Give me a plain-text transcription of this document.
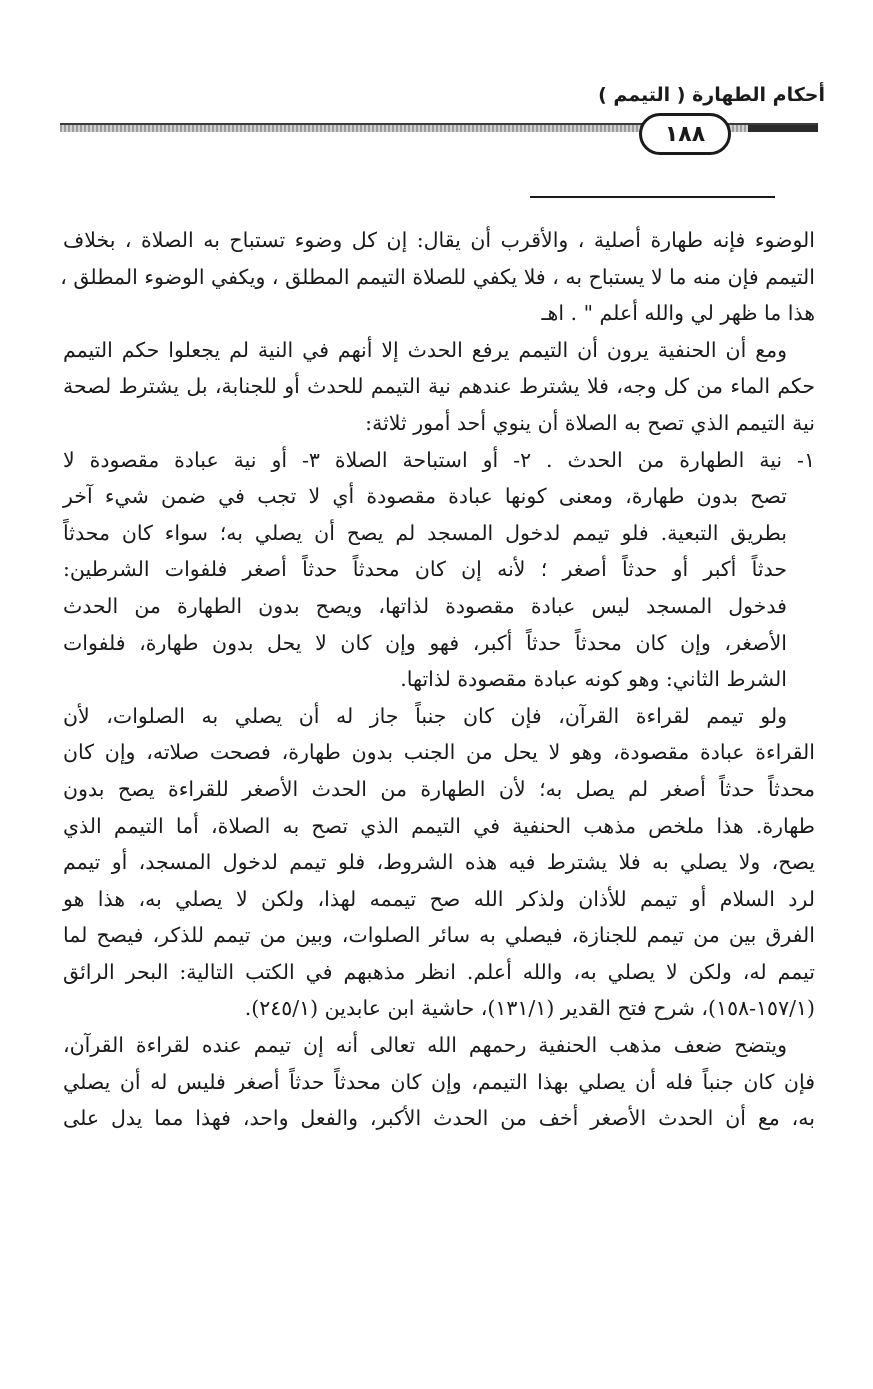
أحكام الطهارة ( التيمم )
١٨٨
الوضوء فإنه طهارة أصلية ، والأقرب أن يقال: إن كل وضوء تستباح به الصلاة ، بخلاف
التيمم فإن منه ما لا يستباح به ، فلا يكفي للصلاة التيمم المطلق ، ويكفي الوضوء المطلق ،
هذا ما ظهر لي والله أعلم " . اهـ
ومع أن الحنفية يرون أن التيمم يرفع الحدث إلا أنهم في النية لم يجعلوا حكم التيمم
حكم الماء من كل وجه، فلا يشترط عندهم نية التيمم للحدث أو للجنابة، بل يشترط لصحة
نية التيمم الذي تصح به الصلاة أن ينوي أحد أمور ثلاثة:
١- نية الطهارة من الحدث . ٢- أو استباحة الصلاة ٣- أو نية عبادة مقصودة لا
تصح بدون طهارة، ومعنى كونها عبادة مقصودة أي لا تجب في ضمن شيء آخر
بطريق التبعية. فلو تيمم لدخول المسجد لم يصح أن يصلي به؛ سواء كان محدثاً
حدثاً أكبر أو حدثاً أصغر ؛ لأنه إن كان محدثاً حدثاً أصغر فلفوات الشرطين:
فدخول المسجد ليس عبادة مقصودة لذاتها، ويصح بدون الطهارة من الحدث
الأصغر، وإن كان محدثاً حدثاً أكبر، فهو وإن كان لا يحل بدون طهارة، فلفوات
الشرط الثاني: وهو كونه عبادة مقصودة لذاتها.
ولو تيمم لقراءة القرآن، فإن كان جنباً جاز له أن يصلي به الصلوات، لأن
القراءة عبادة مقصودة، وهو لا يحل من الجنب بدون طهارة، فصحت صلاته، وإن كان
محدثاً حدثاً أصغر لم يصل به؛ لأن الطهارة من الحدث الأصغر للقراءة يصح بدون
طهارة. هذا ملخص مذهب الحنفية في التيمم الذي تصح به الصلاة، أما التيمم الذي
يصح، ولا يصلي به فلا يشترط فيه هذه الشروط، فلو تيمم لدخول المسجد، أو تيمم
لرد السلام أو تيمم للأذان ولذكر الله صح تيممه لهذا، ولكن لا يصلي به، هذا هو
الفرق بين من تيمم للجنازة، فيصلي به سائر الصلوات، وبين من تيمم للذكر، فيصح لما
تيمم له، ولكن لا يصلي به، والله أعلم. انظر مذهبهم في الكتب التالية: البحر الرائق
(١٥٧/١-١٥٨)، شرح فتح القدير (١٣١/١)، حاشية ابن عابدين (٢٤٥/١).
ويتضح ضعف مذهب الحنفية رحمهم الله تعالى أنه إن تيمم عنده لقراءة القرآن،
فإن كان جنباً فله أن يصلي بهذا التيمم، وإن كان محدثاً حدثاً أصغر فليس له أن يصلي
به، مع أن الحدث الأصغر أخف من الحدث الأكبر، والفعل واحد، فهذا مما يدل على
